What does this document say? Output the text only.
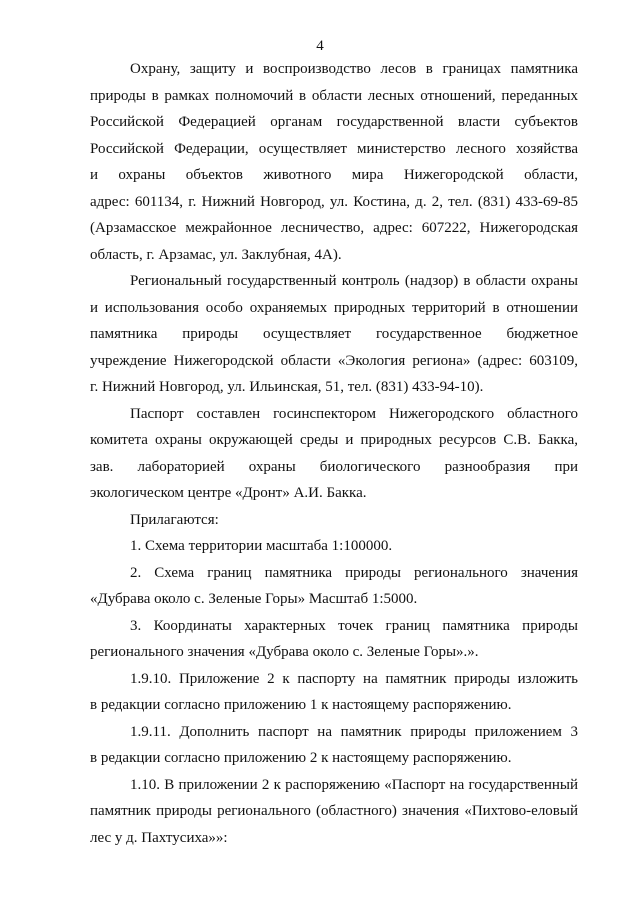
4
Охрану, защиту и воспроизводство лесов в границах памятника
природы в рамках полномочий в области лесных отношений, переданных
Российской Федерацией органам государственной власти субъектов
Российской Федерации, осуществляет министерство лесного хозяйства
и охраны объектов животного мира Нижегородской области,
адрес: 601134, г. Нижний Новгород, ул. Костина, д. 2, тел. (831) 433-69-85
(Арзамасское межрайонное лесничество, адрес: 607222, Нижегородская
область, г. Арзамас, ул. Заклубная, 4А).
Региональный государственный контроль (надзор) в области охраны
и использования особо охраняемых природных территорий в отношении
памятника природы осуществляет государственное бюджетное
учреждение Нижегородской области «Экология региона» (адрес: 603109,
г. Нижний Новгород, ул. Ильинская, 51, тел. (831) 433-94-10).
Паспорт составлен госинспектором Нижегородского областного
комитета охраны окружающей среды и природных ресурсов С.В. Бакка,
зав. лабораторией охраны биологического разнообразия при
экологическом центре «Дронт» А.И. Бакка.
Прилагаются:
1. Схема территории масштаба 1:100000.
2. Схема границ памятника природы регионального значения
«Дубрава около с. Зеленые Горы» Масштаб 1:5000.
3. Координаты характерных точек границ памятника природы
регионального значения «Дубрава около с. Зеленые Горы».».
1.9.10. Приложение 2 к паспорту на памятник природы изложить
в редакции согласно приложению 1 к настоящему распоряжению.
1.9.11. Дополнить паспорт на памятник природы приложением 3
в редакции согласно приложению 2 к настоящему распоряжению.
1.10. В приложении 2 к распоряжению «Паспорт на государственный
памятник природы регионального (областного) значения «Пихтово-еловый
лес у д. Пахтусиха»»:
